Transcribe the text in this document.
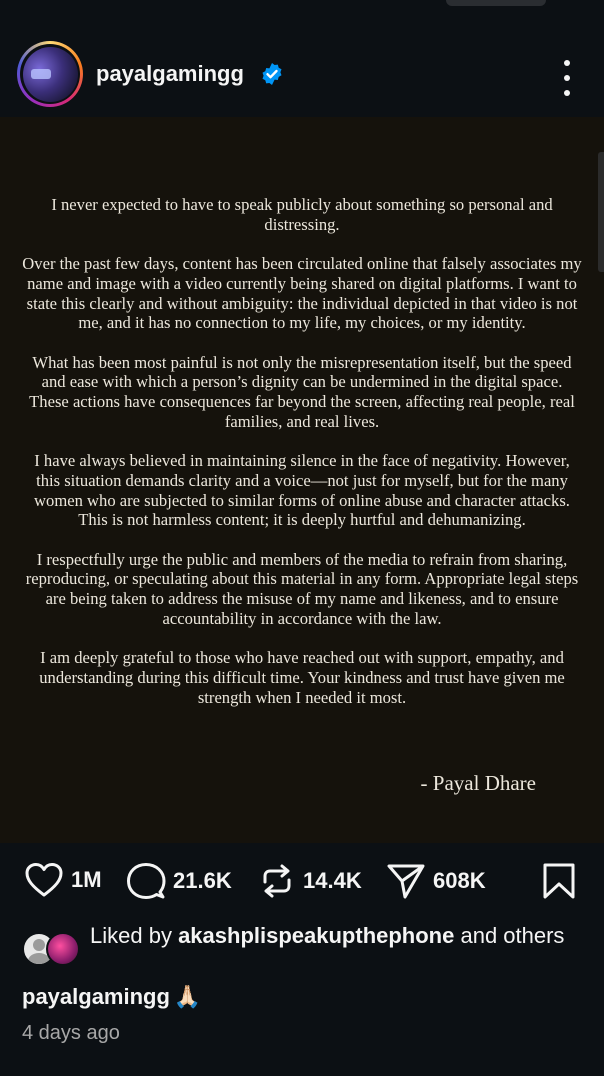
payalgamingg

I never expected to have to speak publicly about something so personal and distressing.

Over the past few days, content has been circulated online that falsely associates my name and image with a video currently being shared on digital platforms. I want to state this clearly and without ambiguity: the individual depicted in that video is not me, and it has no connection to my life, my choices, or my identity.

What has been most painful is not only the misrepresentation itself, but the speed and ease with which a person’s dignity can be undermined in the digital space. These actions have consequences far beyond the screen, affecting real people, real families, and real lives.

I have always believed in maintaining silence in the face of negativity. However, this situation demands clarity and a voice—not just for myself, but for the many women who are subjected to similar forms of online abuse and character attacks. This is not harmless content; it is deeply hurtful and dehumanizing.

I respectfully urge the public and members of the media to refrain from sharing, reproducing, or speculating about this material in any form. Appropriate legal steps are being taken to address the misuse of my name and likeness, and to ensure accountability in accordance with the law.

I am deeply grateful to those who have reached out with support, empathy, and understanding during this difficult time. Your kindness and trust have given me strength when I needed it most.

- Payal Dhare
1M	21.6K	14.4K	608K
Liked by akashplispeakupthephone and others
payalgamingg 🙏🏻
4 days ago
